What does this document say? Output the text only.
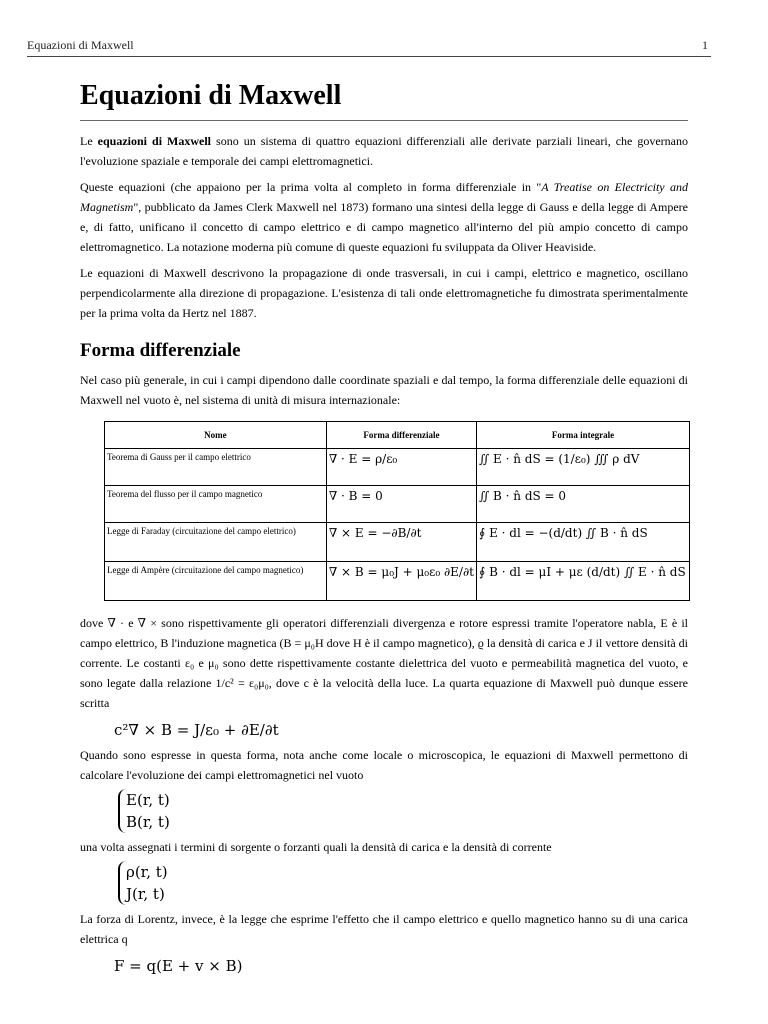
Equazioni di Maxwell	1
Equazioni di Maxwell

Le equazioni di Maxwell sono un sistema di quattro equazioni differenziali alle derivate parziali lineari, che governano l'evoluzione spaziale e temporale dei campi elettromagnetici.

Queste equazioni (che appaiono per la prima volta al completo in forma differenziale in "A Treatise on Electricity and Magnetism", pubblicato da James Clerk Maxwell nel 1873) formano una sintesi della legge di Gauss e della legge di Ampere e, di fatto, unificano il concetto di campo elettrico e di campo magnetico all'interno del più ampio concetto di campo elettromagnetico. La notazione moderna più comune di queste equazioni fu sviluppata da Oliver Heaviside.

Le equazioni di Maxwell descrivono la propagazione di onde trasversali, in cui i campi, elettrico e magnetico, oscillano perpendicolarmente alla direzione di propagazione. L'esistenza di tali onde elettromagnetiche fu dimostrata sperimentalmente per la prima volta da Hertz nel 1887.

Forma differenziale

Nel caso più generale, in cui i campi dipendono dalle coordinate spaziali e dal tempo, la forma differenziale delle equazioni di Maxwell nel vuoto è, nel sistema di unità di misura internazionale:

Nome	Forma differenziale	Forma integrale
Teorema di Gauss per il campo elettrico	∇ · E = ρ/ε₀	∬ E · n̂ dS = (1/ε₀) ∭ ρ dV
Teorema del flusso per il campo magnetico	∇ · B = 0	∬ B · n̂ dS = 0
Legge di Faraday (circuitazione del campo elettrico)	∇ × E = −∂B/∂t	∮ E · dl = −(d/dt) ∬ B · n̂ dS
Legge di Ampère (circuitazione del campo magnetico)	∇ × B = μ₀J + μ₀ε₀ ∂E/∂t	∮ B · dl = μI + με (d/dt) ∬ E · n̂ dS

dove ∇ · e ∇ × sono rispettivamente gli operatori differenziali divergenza e rotore espressi tramite l'operatore nabla, E è il campo elettrico, B l'induzione magnetica (B = μ₀H dove H è il campo magnetico), ϱ la densità di carica e J il vettore densità di corrente. Le costanti ε₀ e μ₀ sono dette rispettivamente costante dielettrica del vuoto e permeabilità magnetica del vuoto, e sono legate dalla relazione 1/c² = ε₀μ₀, dove c è la velocità della luce. La quarta equazione di Maxwell può dunque essere scritta

c²∇ × B = J/ε₀ + ∂E/∂t

Quando sono espresse in questa forma, nota anche come locale o microscopica, le equazioni di Maxwell permettono di calcolare l'evoluzione dei campi elettromagnetici nel vuoto

E(r, t)
B(r, t)

una volta assegnati i termini di sorgente o forzanti quali la densità di carica e la densità di corrente

ρ(r, t)
J(r, t)

La forza di Lorentz, invece, è la legge che esprime l'effetto che il campo elettrico e quello magnetico hanno su di una carica elettrica q

F = q(E + v × B)
